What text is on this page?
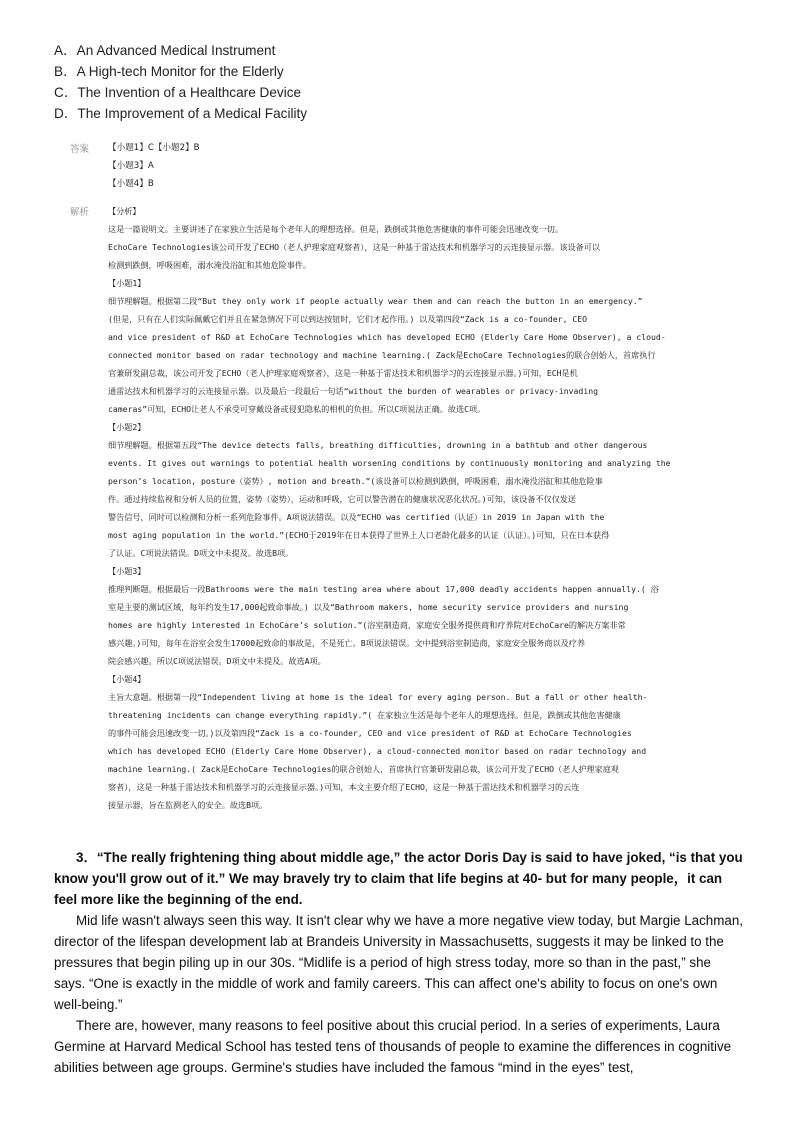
A．An Advanced Medical Instrument
B．A High-tech Monitor for the Elderly
C．The Invention of a Healthcare Device
D．The Improvement of a Medical Facility
答案 【小题1】C【小题2】B
【小题3】A
【小题4】B
解析 【分析】
这是一篇说明文。主要讲述了在家独立生活是每个老年人的理想选择。但是，跌倒或其他危害健康的事件可能会迅速改变一切。
EchoCare Technologies该公司开发了ECHO（老人护理家庭观察者），这是一种基于雷达技术和机器学习的云连接显示器。该设备可以
检测到跌倒，呼吸困难，溺水淹没浴缸和其他危险事件。
【小题1】
细节理解题。根据第二段“But they only work if people actually wear them and can reach the button in an emergency.”
(但是，只有在人们实际佩戴它们并且在紧急情况下可以到达按钮时，它们才起作用。) 以及第四段“Zack is a co-founder, CEO
and vice president of R&D at EchoCare Technologies which has developed ECHO (Elderly Care Home Observer), a cloud-
connected monitor based on radar technology and machine learning.( Zack是EchoCare Technologies的联合创始人，首席执行
官兼研发副总裁，该公司开发了ECHO（老人护理家庭观察者），这是一种基于雷达技术和机器学习的云连接显示器。)可知，ECH是机
通雷达技术和机器学习的云连接显示器。以及最后一段最后一句话“without the burden of wearables or privacy-invading
cameras”可知，ECHO让老人不承受可穿戴设备或侵犯隐私的相机的负担。所以C项说法正确。故选C项。
【小题2】
细节理解题。根据第五段“The device detects falls, breathing difficulties, drowning in a bathtub and other dangerous
events. It gives out warnings to potential health worsening conditions by continuously monitoring and analyzing the
person’s location, posture（姿势）, motion and breath.”(该设备可以检测到跌倒，呼吸困难，溺水淹没浴缸和其他危险事
件。通过持续监视和分析人员的位置，姿势（姿势），运动和呼吸，它可以警告潜在的健康状况恶化状况。)可知，该设备不仅仅发送
警告信号，同时可以检测和分析一系列危险事件。A项说法错误。以及“ECHO was certified（认证）in 2019 in Japan with the
most aging population in the world.”(ECHO于2019年在日本获得了世界上人口老龄化最多的认证（认证）。)可知，只在日本获得
了认证。C项说法错误。D项文中未提及。故选B项。
【小题3】
推理判断题。根据最后一段Bathrooms were the main testing area where about 17,000 deadly accidents happen annually.( 浴
室是主要的测试区域，每年约发生17,000起致命事故。) 以及“Bathroom makers, home security service providers and nursing
homes are highly interested in EchoCare’s solution.”(浴室制造商，家庭安全服务提供商和疗养院对EchoCare的解决方案非常
感兴趣。)可知，每年在浴室会发生17000起致命的事故是，不是死亡。B项说法错误。文中提到浴室制造商，家庭安全服务商以及疗养
院会感兴趣。所以C项说法错误。D项文中未提及。故选A项。
【小题4】
主旨大意题。根据第一段“Independent living at home is the ideal for every aging person. But a fall or other health-
threatening incidents can change everything rapidly.”( 在家独立生活是每个老年人的理想选择。但是，跌倒或其他危害健康
的事件可能会迅速改变一切。)以及第四段“Zack is a co-founder, CEO and vice president of R&D at EchoCare Technologies
which has developed ECHO (Elderly Care Home Observer), a cloud-connected monitor based on radar technology and
machine learning.( Zack是EchoCare Technologies的联合创始人，首席执行官兼研发副总裁，该公司开发了ECHO（老人护理家庭观
察者），这是一种基于雷达技术和机器学习的云连接显示器。)可知，本文主要介绍了ECHO，这是一种基于雷达技术和机器学习的云连
接显示器，旨在监测老人的安全。故选B项。

3．“The really frightening thing about middle age,” the actor Doris Day is said to have joked, “is that you know you'll grow out of it.” We may bravely try to claim that life begins at 40- but for many people，it can feel more like the beginning of the end.

Mid life wasn't always seen this way. It isn't clear why we have a more negative view today, but Margie Lachman, director of the lifespan development lab at Brandeis University in Massachusetts, suggests it may be linked to the pressures that begin piling up in our 30s. “Midlife is a period of high stress today, more so than in the past,” she says. “One is exactly in the middle of work and family careers. This can affect one's ability to focus on one's own well-being.”

There are, however, many reasons to feel positive about this crucial period. In a series of experiments, Laura Germine at Harvard Medical School has tested tens of thousands of people to examine the differences in cognitive abilities between age groups. Germine's studies have included the famous “mind in the eyes” test,
